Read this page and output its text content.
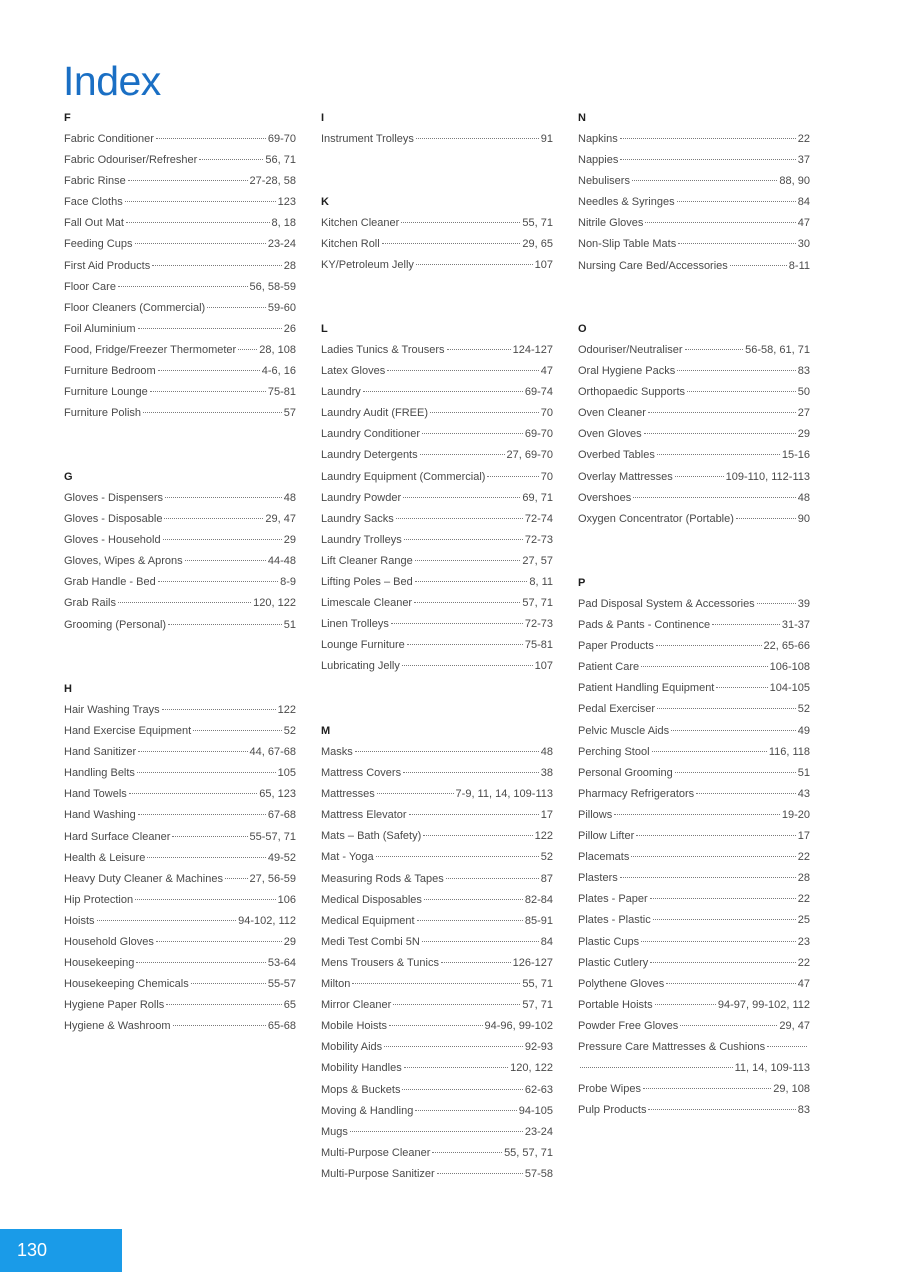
Index
F
Fabric Conditioner	69-70
Fabric Odouriser/Refresher	56, 71
Fabric Rinse	27-28, 58
Face Cloths	123
Fall Out Mat	8, 18
Feeding Cups	23-24
First Aid Products	28
Floor Care	56, 58-59
Floor Cleaners (Commercial)	59-60
Foil Aluminium	26
Food, Fridge/Freezer Thermometer 28, 108
Furniture Bedroom	4-6, 16
Furniture Lounge	75-81
Furniture Polish	57
G
Gloves - Dispensers	48
Gloves - Disposable	29, 47
Gloves - Household	29
Gloves, Wipes & Aprons	44-48
Grab Handle - Bed	8-9
Grab Rails	120, 122
Grooming (Personal)	51
H
Hair Washing Trays	122
Hand Exercise Equipment	52
Hand Sanitizer	44, 67-68
Handling Belts	105
Hand Towels	65, 123
Hand Washing	67-68
Hard Surface Cleaner	55-57, 71
Health & Leisure	49-52
Heavy Duty Cleaner & Machines 27, 56-59
Hip Protection	106
Hoists	94-102, 112
Household Gloves	29
Housekeeping	53-64
Housekeeping Chemicals	55-57
Hygiene Paper Rolls	65
Hygiene & Washroom	65-68
I
Instrument Trolleys	91
K
Kitchen Cleaner	55, 71
Kitchen Roll	29, 65
KY/Petroleum Jelly	107
L
Ladies Tunics & Trousers	124-127
Latex Gloves	47
Laundry	69-74
Laundry Audit (FREE)	70
Laundry Conditioner	69-70
Laundry Detergents	27, 69-70
Laundry Equipment (Commercial)	70
Laundry Powder	69, 71
Laundry Sacks	72-74
Laundry Trolleys	72-73
Lift Cleaner Range	27, 57
Lifting Poles – Bed	8, 11
Limescale Cleaner	57, 71
Linen Trolleys	72-73
Lounge Furniture	75-81
Lubricating Jelly	107
M
Masks	48
Mattress Covers	38
Mattresses	7-9, 11, 14, 109-113
Mattress Elevator	17
Mats – Bath (Safety)	122
Mat - Yoga	52
Measuring Rods & Tapes	87
Medical Disposables	82-84
Medical Equipment	85-91
Medi Test Combi 5N	84
Mens Trousers & Tunics	126-127
Milton	55, 71
Mirror Cleaner	57, 71
Mobile Hoists	94-96, 99-102
Mobility Aids	92-93
Mobility Handles	120, 122
Mops & Buckets	62-63
Moving & Handling	94-105
Mugs	23-24
Multi-Purpose Cleaner	55, 57, 71
Multi-Purpose Sanitizer	57-58
N
Napkins	22
Nappies	37
Nebulisers	88, 90
Needles & Syringes	84
Nitrile Gloves	47
Non-Slip Table Mats	30
Nursing Care Bed/Accessories	8-11
O
Odouriser/Neutraliser	56-58, 61, 71
Oral Hygiene Packs	83
Orthopaedic Supports	50
Oven Cleaner	27
Oven Gloves	29
Overbed Tables	15-16
Overlay Mattresses	109-110, 112-113
Overshoes	48
Oxygen Concentrator (Portable)	90
P
Pad Disposal System & Accessories	39
Pads & Pants - Continence	31-37
Paper Products	22, 65-66
Patient Care	106-108
Patient Handling Equipment	104-105
Pedal Exerciser	52
Pelvic Muscle Aids	49
Perching Stool	116, 118
Personal Grooming	51
Pharmacy Refrigerators	43
Pillows	19-20
Pillow Lifter	17
Placemats	22
Plasters	28
Plates - Paper	22
Plates - Plastic	25
Plastic Cups	23
Plastic Cutlery	22
Polythene Gloves	47
Portable Hoists	94-97, 99-102, 112
Powder Free Gloves	29, 47
Pressure Care Mattresses & Cushions
11, 14, 109-113
Probe Wipes	29, 108
Pulp Products	83
130
